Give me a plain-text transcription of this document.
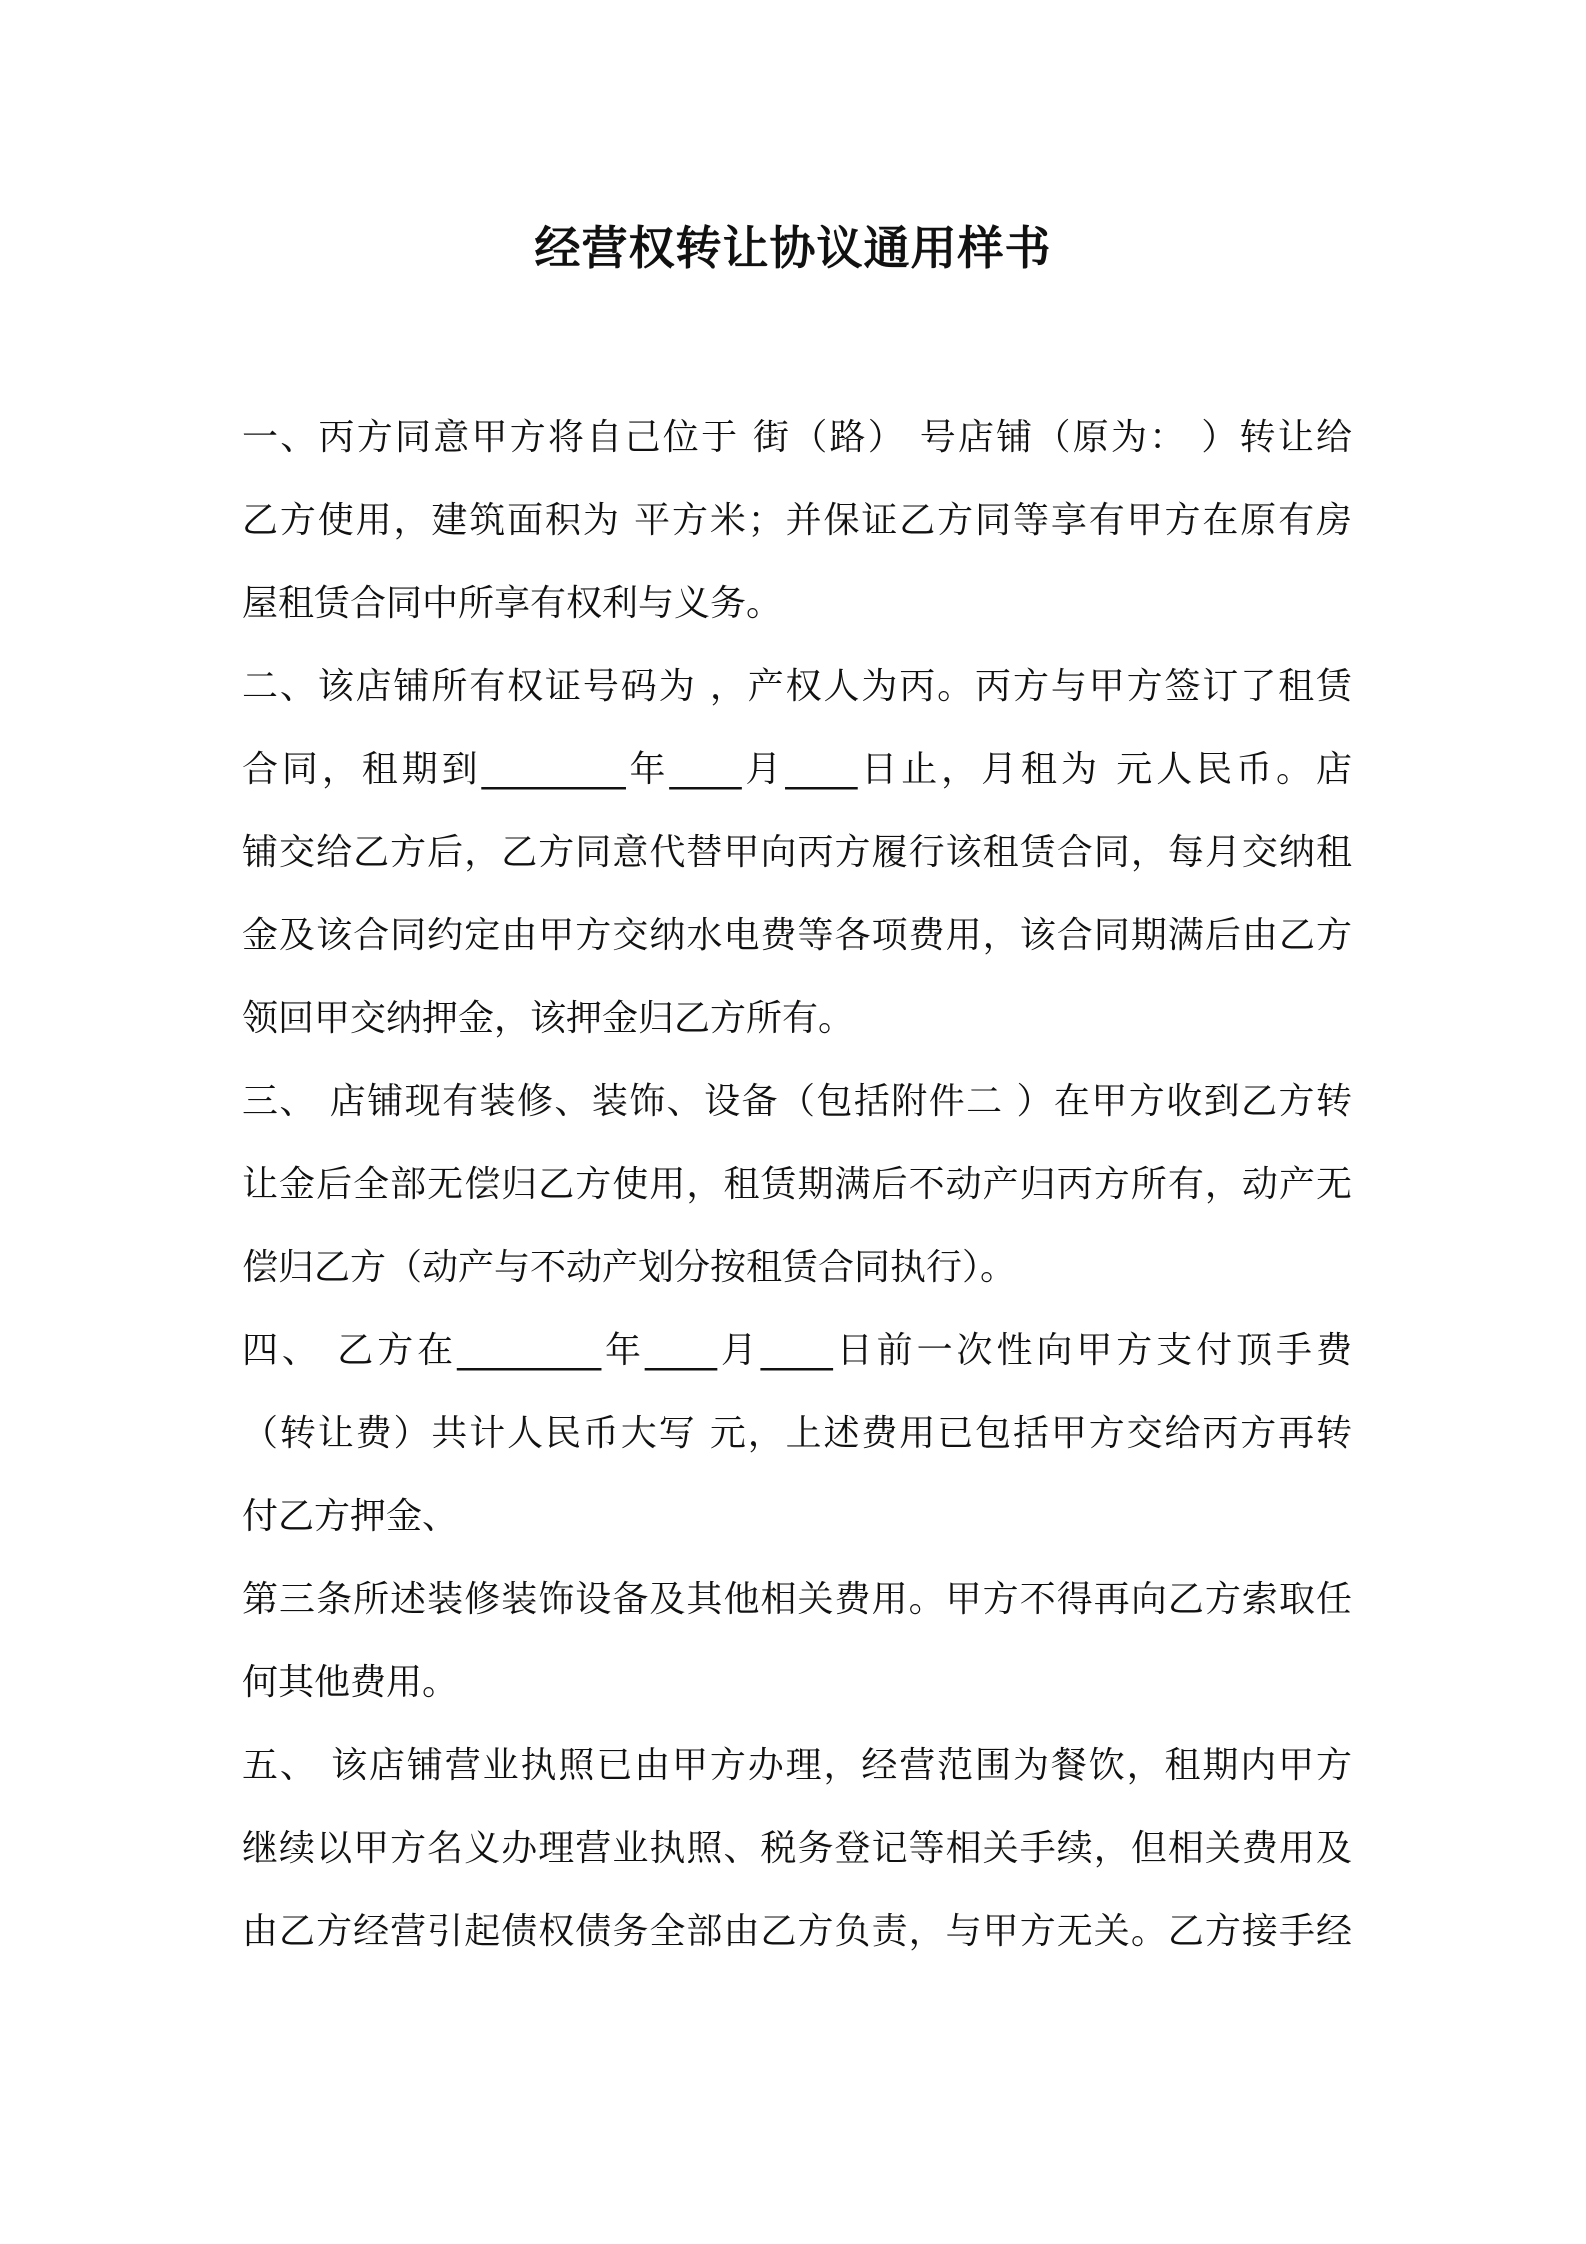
经营权转让协议通用样书
一、丙方同意甲方将自己位于 街（路） 号店铺（原为： ）转让给
乙方使用，建筑面积为 平方米；并保证乙方同等享有甲方在原有房
屋租赁合同中所享有权利与义务。
二、该店铺所有权证号码为 ，产权人为丙。丙方与甲方签订了租赁
合同，租期到________年____月____日止，月租为 元人民币。店
铺交给乙方后，乙方同意代替甲向丙方履行该租赁合同，每月交纳租
金及该合同约定由甲方交纳水电费等各项费用，该合同期满后由乙方
领回甲交纳押金，该押金归乙方所有。
三、 店铺现有装修、装饰、设备（包括附件二 ）在甲方收到乙方转
让金后全部无偿归乙方使用，租赁期满后不动产归丙方所有，动产无
偿归乙方（动产与不动产划分按租赁合同执行）。
四、 乙方在________年____月____日前一次性向甲方支付顶手费
（转让费）共计人民币大写 元，上述费用已包括甲方交给丙方再转
付乙方押金、
第三条所述装修装饰设备及其他相关费用。甲方不得再向乙方索取任
何其他费用。
五、 该店铺营业执照已由甲方办理，经营范围为餐饮，租期内甲方
继续以甲方名义办理营业执照、税务登记等相关手续，但相关费用及
由乙方经营引起债权债务全部由乙方负责，与甲方无关。乙方接手经
